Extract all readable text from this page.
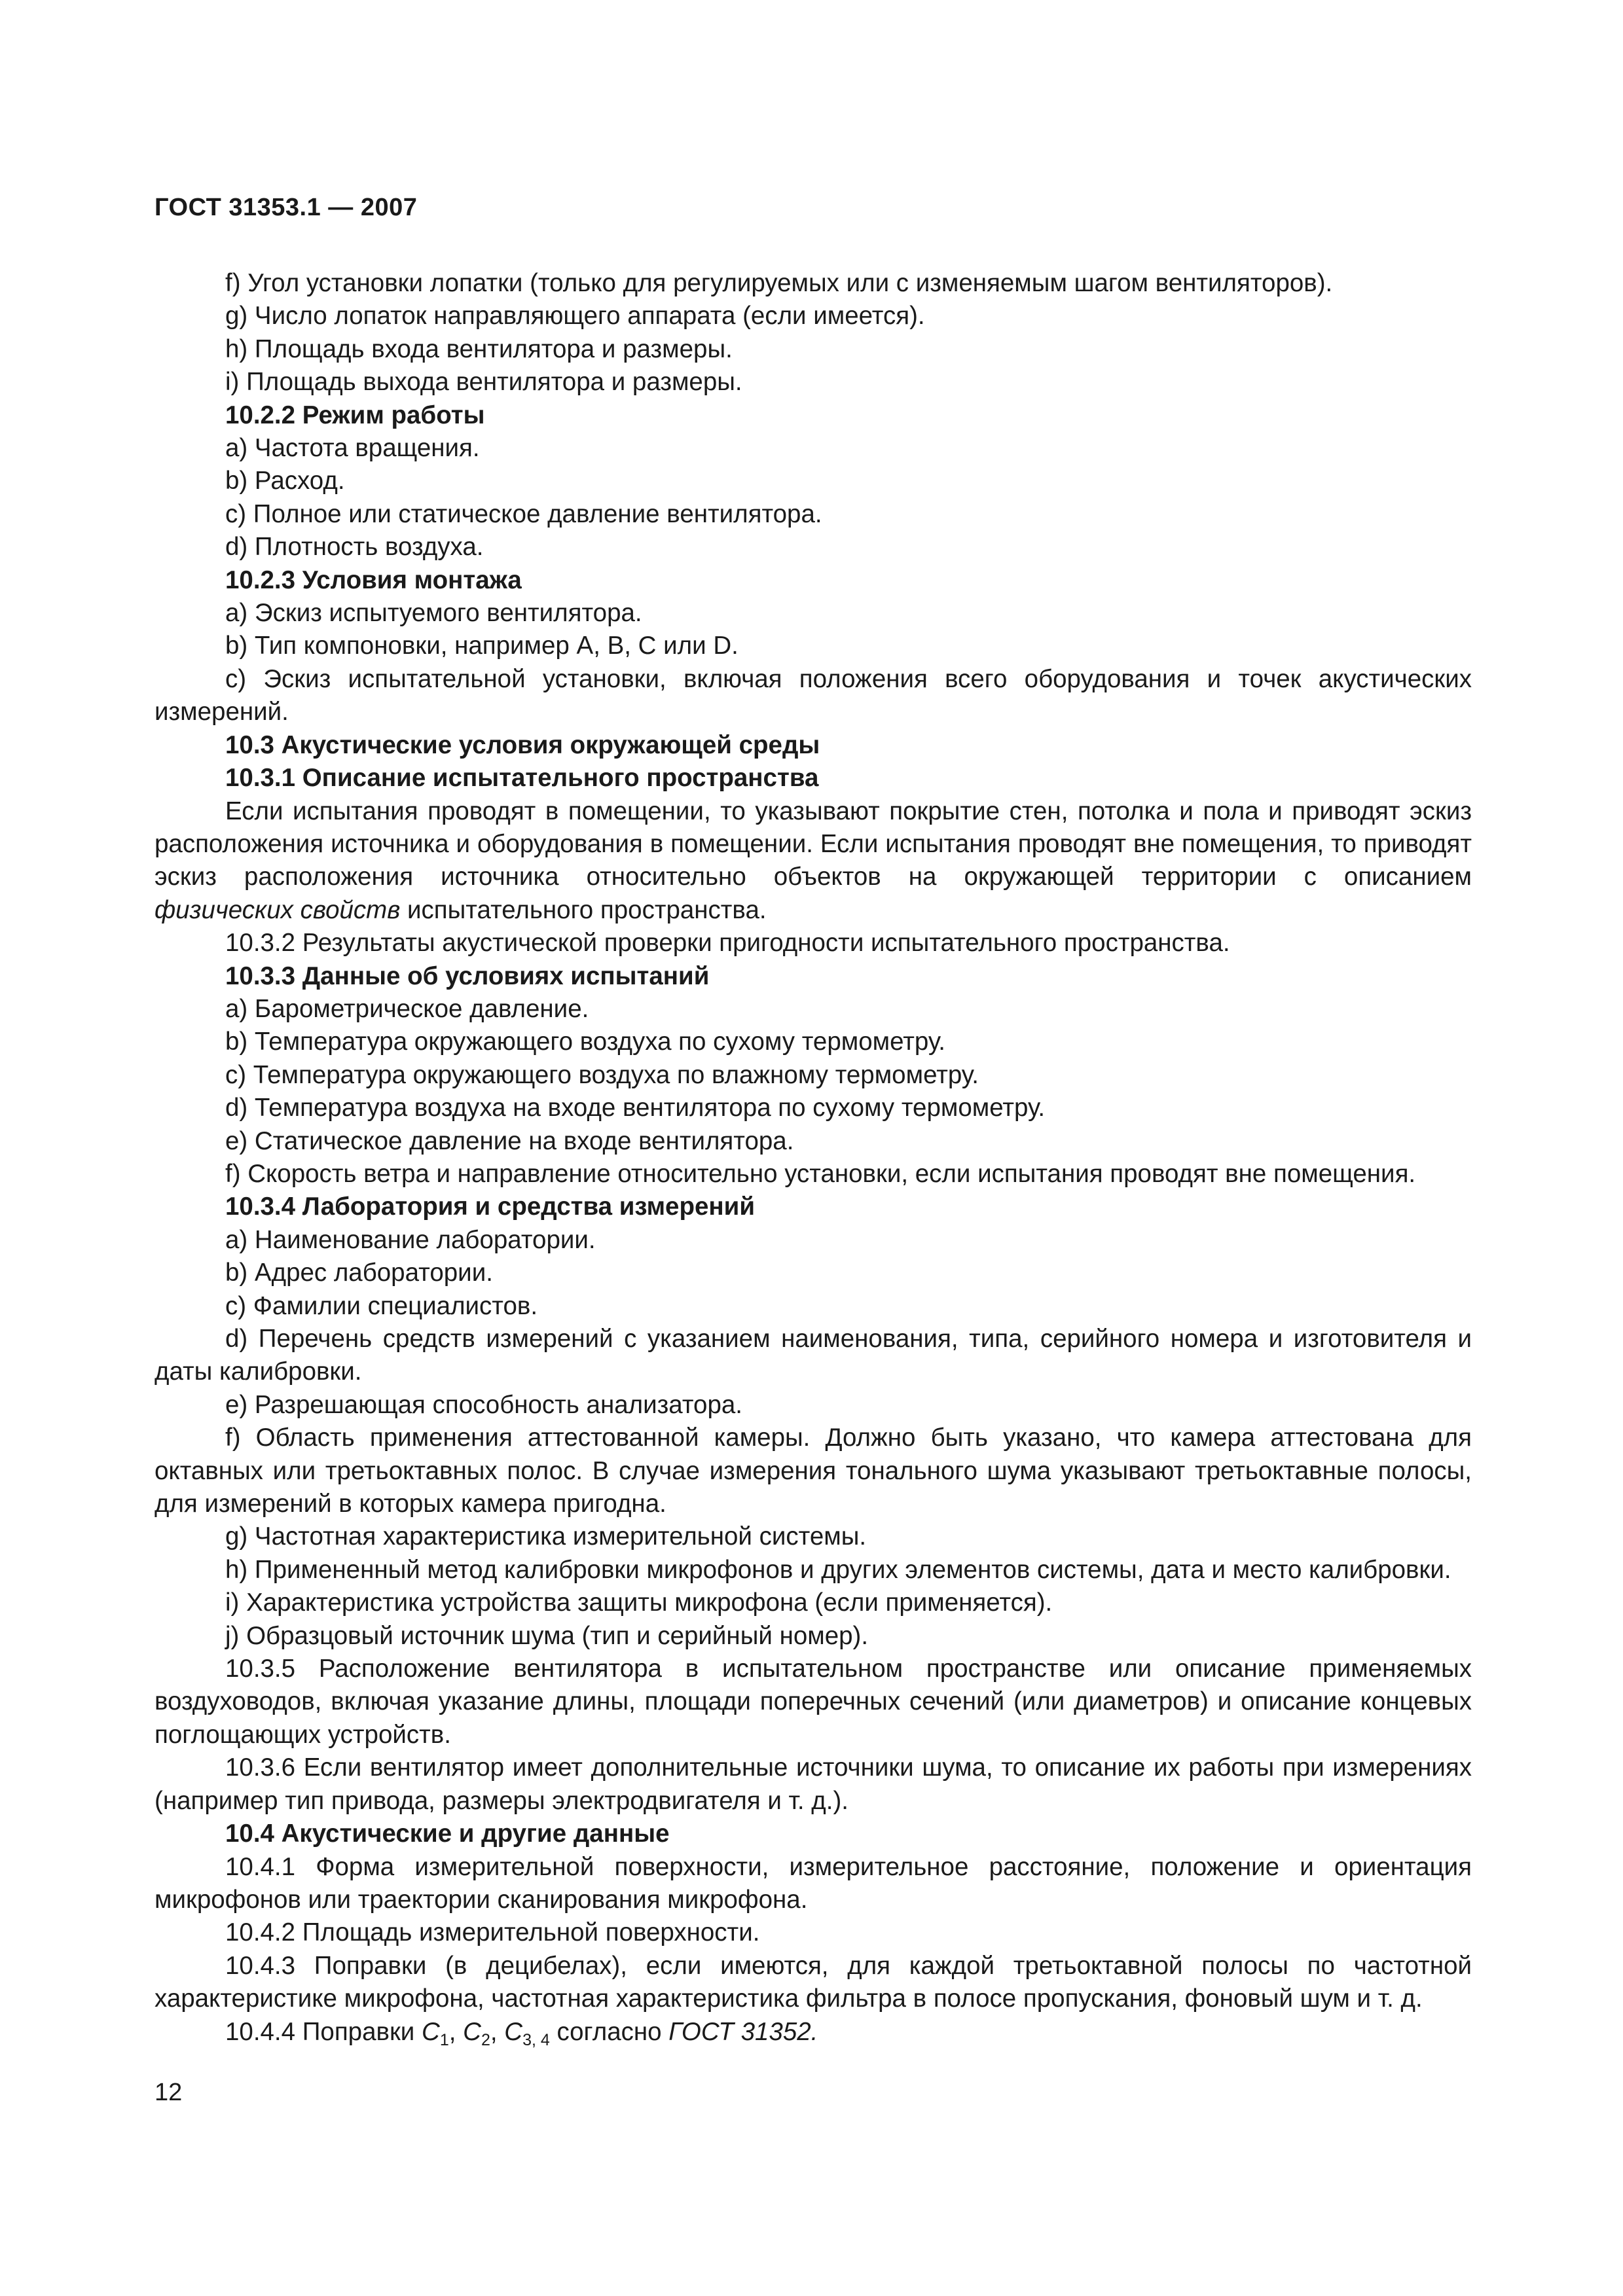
ГОСТ 31353.1 — 2007

f) Угол установки лопатки (только для регулируемых или с изменяемым шагом вентиляторов).

g) Число лопаток направляющего аппарата (если имеется).

h) Площадь входа вентилятора и размеры.

i) Площадь выхода вентилятора и размеры.

10.2.2 Режим работы

a) Частота вращения.

b) Расход.

c) Полное или статическое давление вентилятора.

d) Плотность воздуха.

10.2.3 Условия монтажа

a) Эскиз испытуемого вентилятора.

b) Тип компоновки, например A, B, C или D.

c) Эскиз испытательной установки, включая положения всего оборудования и точек акустических измерений.

10.3 Акустические условия окружающей среды

10.3.1 Описание испытательного пространства

Если испытания проводят в помещении, то указывают покрытие стен, потолка и пола и приводят эскиз расположения источника и оборудования в помещении. Если испытания проводят вне помещения, то приводят эскиз расположения источника относительно объектов на окружающей территории с описанием

физических свойств испытательного пространства.

10.3.2 Результаты акустической проверки пригодности испытательного пространства.

10.3.3 Данные об условиях испытаний

a) Барометрическое давление.

b) Температура окружающего воздуха по сухому термометру.

c) Температура окружающего воздуха по влажному термометру.

d) Температура воздуха на входе вентилятора по сухому термометру.

e) Статическое давление на входе вентилятора.

f) Скорость ветра и направление относительно установки, если испытания проводят вне помещения.

10.3.4 Лаборатория и средства измерений

a) Наименование лаборатории.

b) Адрес лаборатории.

c) Фамилии специалистов.

d) Перечень средств измерений с указанием наименования, типа, серийного номера и изготовителя и даты калибровки.

e) Разрешающая способность анализатора.

f) Область применения аттестованной камеры. Должно быть указано, что камера аттестована для октавных или третьоктавных полос. В случае измерения тонального шума указывают третьоктавные полосы, для измерений в которых камера пригодна.

g) Частотная характеристика измерительной системы.

h) Примененный метод калибровки микрофонов и других элементов системы, дата и место калибровки.

i) Характеристика устройства защиты микрофона (если применяется).

j) Образцовый источник шума (тип и серийный номер).

10.3.5 Расположение вентилятора в испытательном пространстве или описание применяемых воздуховодов, включая указание длины, площади поперечных сечений (или диаметров) и описание концевых поглощающих устройств.

10.3.6 Если вентилятор имеет дополнительные источники шума, то описание их работы при измерениях (например тип привода, размеры электродвигателя и т. д.).

10.4 Акустические и другие данные

10.4.1 Форма измерительной поверхности, измерительное расстояние, положение и ориентация микрофонов или траектории сканирования микрофона.

10.4.2 Площадь измерительной поверхности.

10.4.3 Поправки (в децибелах), если имеются, для каждой третьоктавной полосы по частотной характеристике микрофона, частотная характеристика фильтра в полосе пропускания, фоновый шум и т. д.

10.4.4 Поправки $C_1$, $C_2$, $C_{3, 4}$ согласно ГОСТ 31352.

12
